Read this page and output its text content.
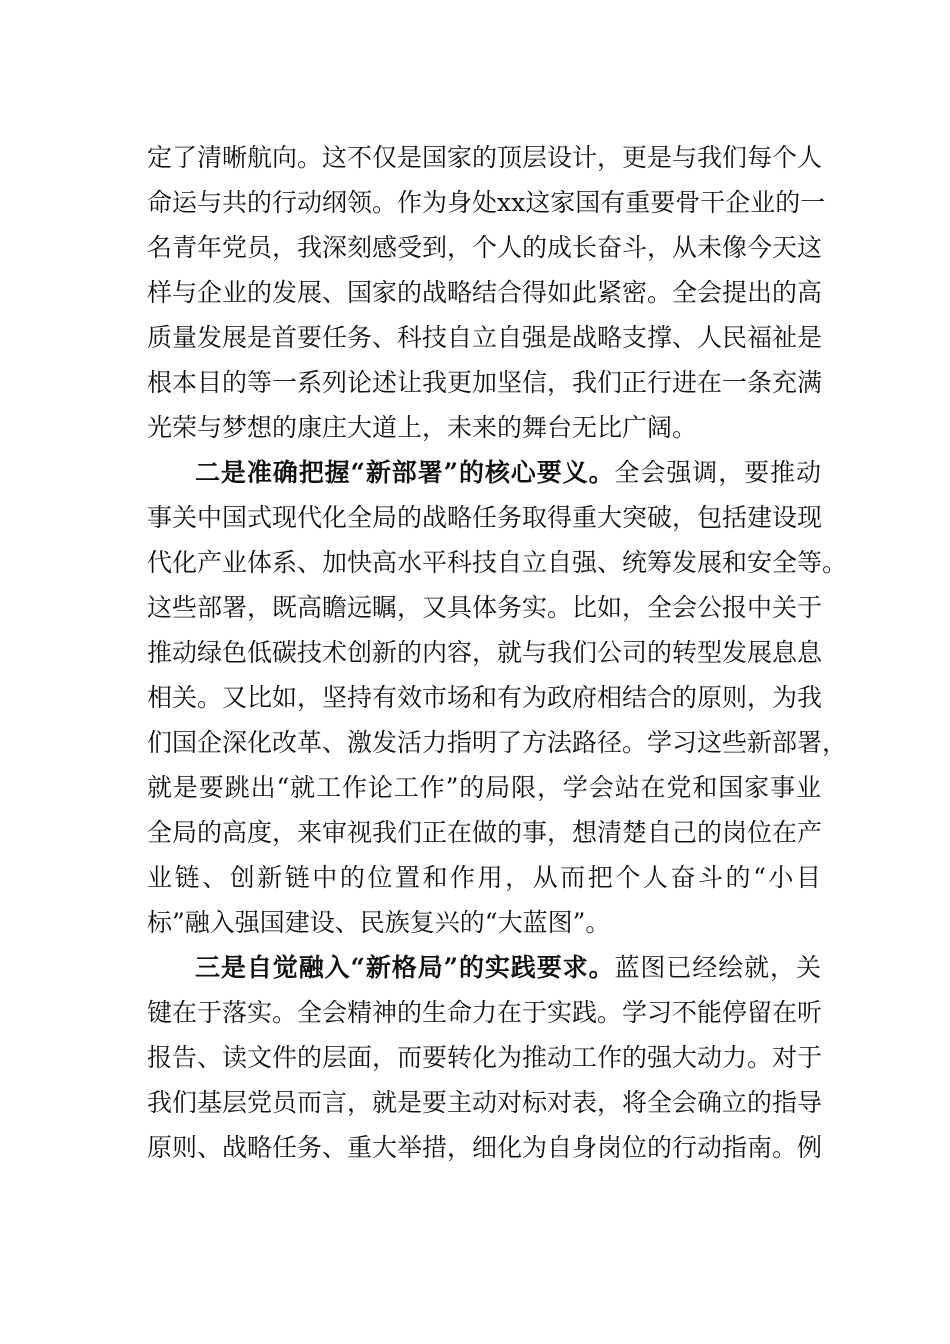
定了清晰航向。这不仅是国家的顶层设计，更是与我们每个人
命运与共的行动纲领。作为身处xx这家国有重要骨干企业的一
名青年党员，我深刻感受到，个人的成长奋斗，从未像今天这
样与企业的发展、国家的战略结合得如此紧密。全会提出的高
质量发展是首要任务、科技自立自强是战略支撑、人民福祉是
根本目的等一系列论述让我更加坚信，我们正行进在一条充满
光荣与梦想的康庄大道上，未来的舞台无比广阔。
二是准确把握“新部署”的核心要义。全会强调，要推动
事关中国式现代化全局的战略任务取得重大突破，包括建设现
代化产业体系、加快高水平科技自立自强、统筹发展和安全等。
这些部署，既高瞻远瞩，又具体务实。比如，全会公报中关于
推动绿色低碳技术创新的内容，就与我们公司的转型发展息息
相关。又比如，坚持有效市场和有为政府相结合的原则，为我
们国企深化改革、激发活力指明了方法路径。学习这些新部署，
就是要跳出“就工作论工作”的局限，学会站在党和国家事业
全局的高度，来审视我们正在做的事，想清楚自己的岗位在产
业链、创新链中的位置和作用，从而把个人奋斗的“小目
标”融入强国建设、民族复兴的“大蓝图”。
三是自觉融入“新格局”的实践要求。蓝图已经绘就，关
键在于落实。全会精神的生命力在于实践。学习不能停留在听
报告、读文件的层面，而要转化为推动工作的强大动力。对于
我们基层党员而言，就是要主动对标对表，将全会确立的指导
原则、战略任务、重大举措，细化为自身岗位的行动指南。例
